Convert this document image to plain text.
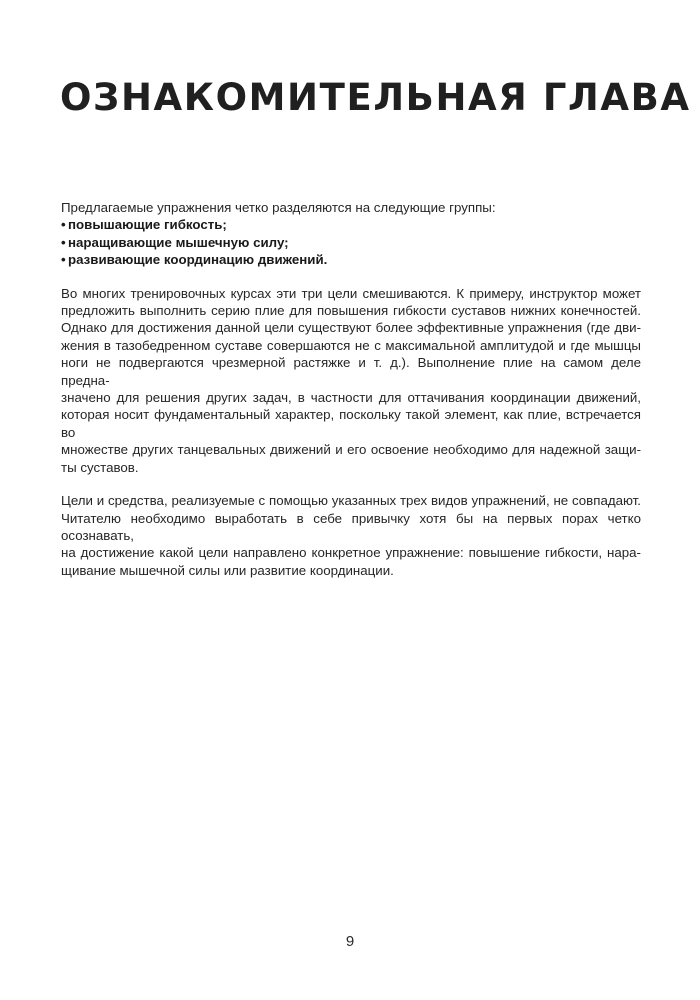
ОЗНАКОМИТЕЛЬНАЯ ГЛАВА

Предлагаемые упражнения четко разделяются на следующие группы:

• повышающие гибкость;
• наращивающие мышечную силу;
• развивающие координацию движений.
Во многих тренировочных курсах эти три цели смешиваются. К примеру, инструктор может
предложить выполнить серию плие для повышения гибкости суставов нижних конечностей.
Однако для достижения данной цели существуют более эффективные упражнения (где дви-
жения в тазобедренном суставе совершаются не с максимальной амплитудой и где мышцы
ноги не подвергаются чрезмерной растяжке и т. д.). Выполнение плие на самом деле предна-
значено для решения других задач, в частности для оттачивания координации движений,
которая носит фундаментальный характер, поскольку такой элемент, как плие, встречается во
множестве других танцевальных движений и его освоение необходимо для надежной защи-
ты суставов.
Цели и средства, реализуемые с помощью указанных трех видов упражнений, не совпадают.
Читателю необходимо выработать в себе привычку хотя бы на первых порах четко осознавать,
на достижение какой цели направлено конкретное упражнение: повышение гибкости, нара-
щивание мышечной силы или развитие координации.
9
